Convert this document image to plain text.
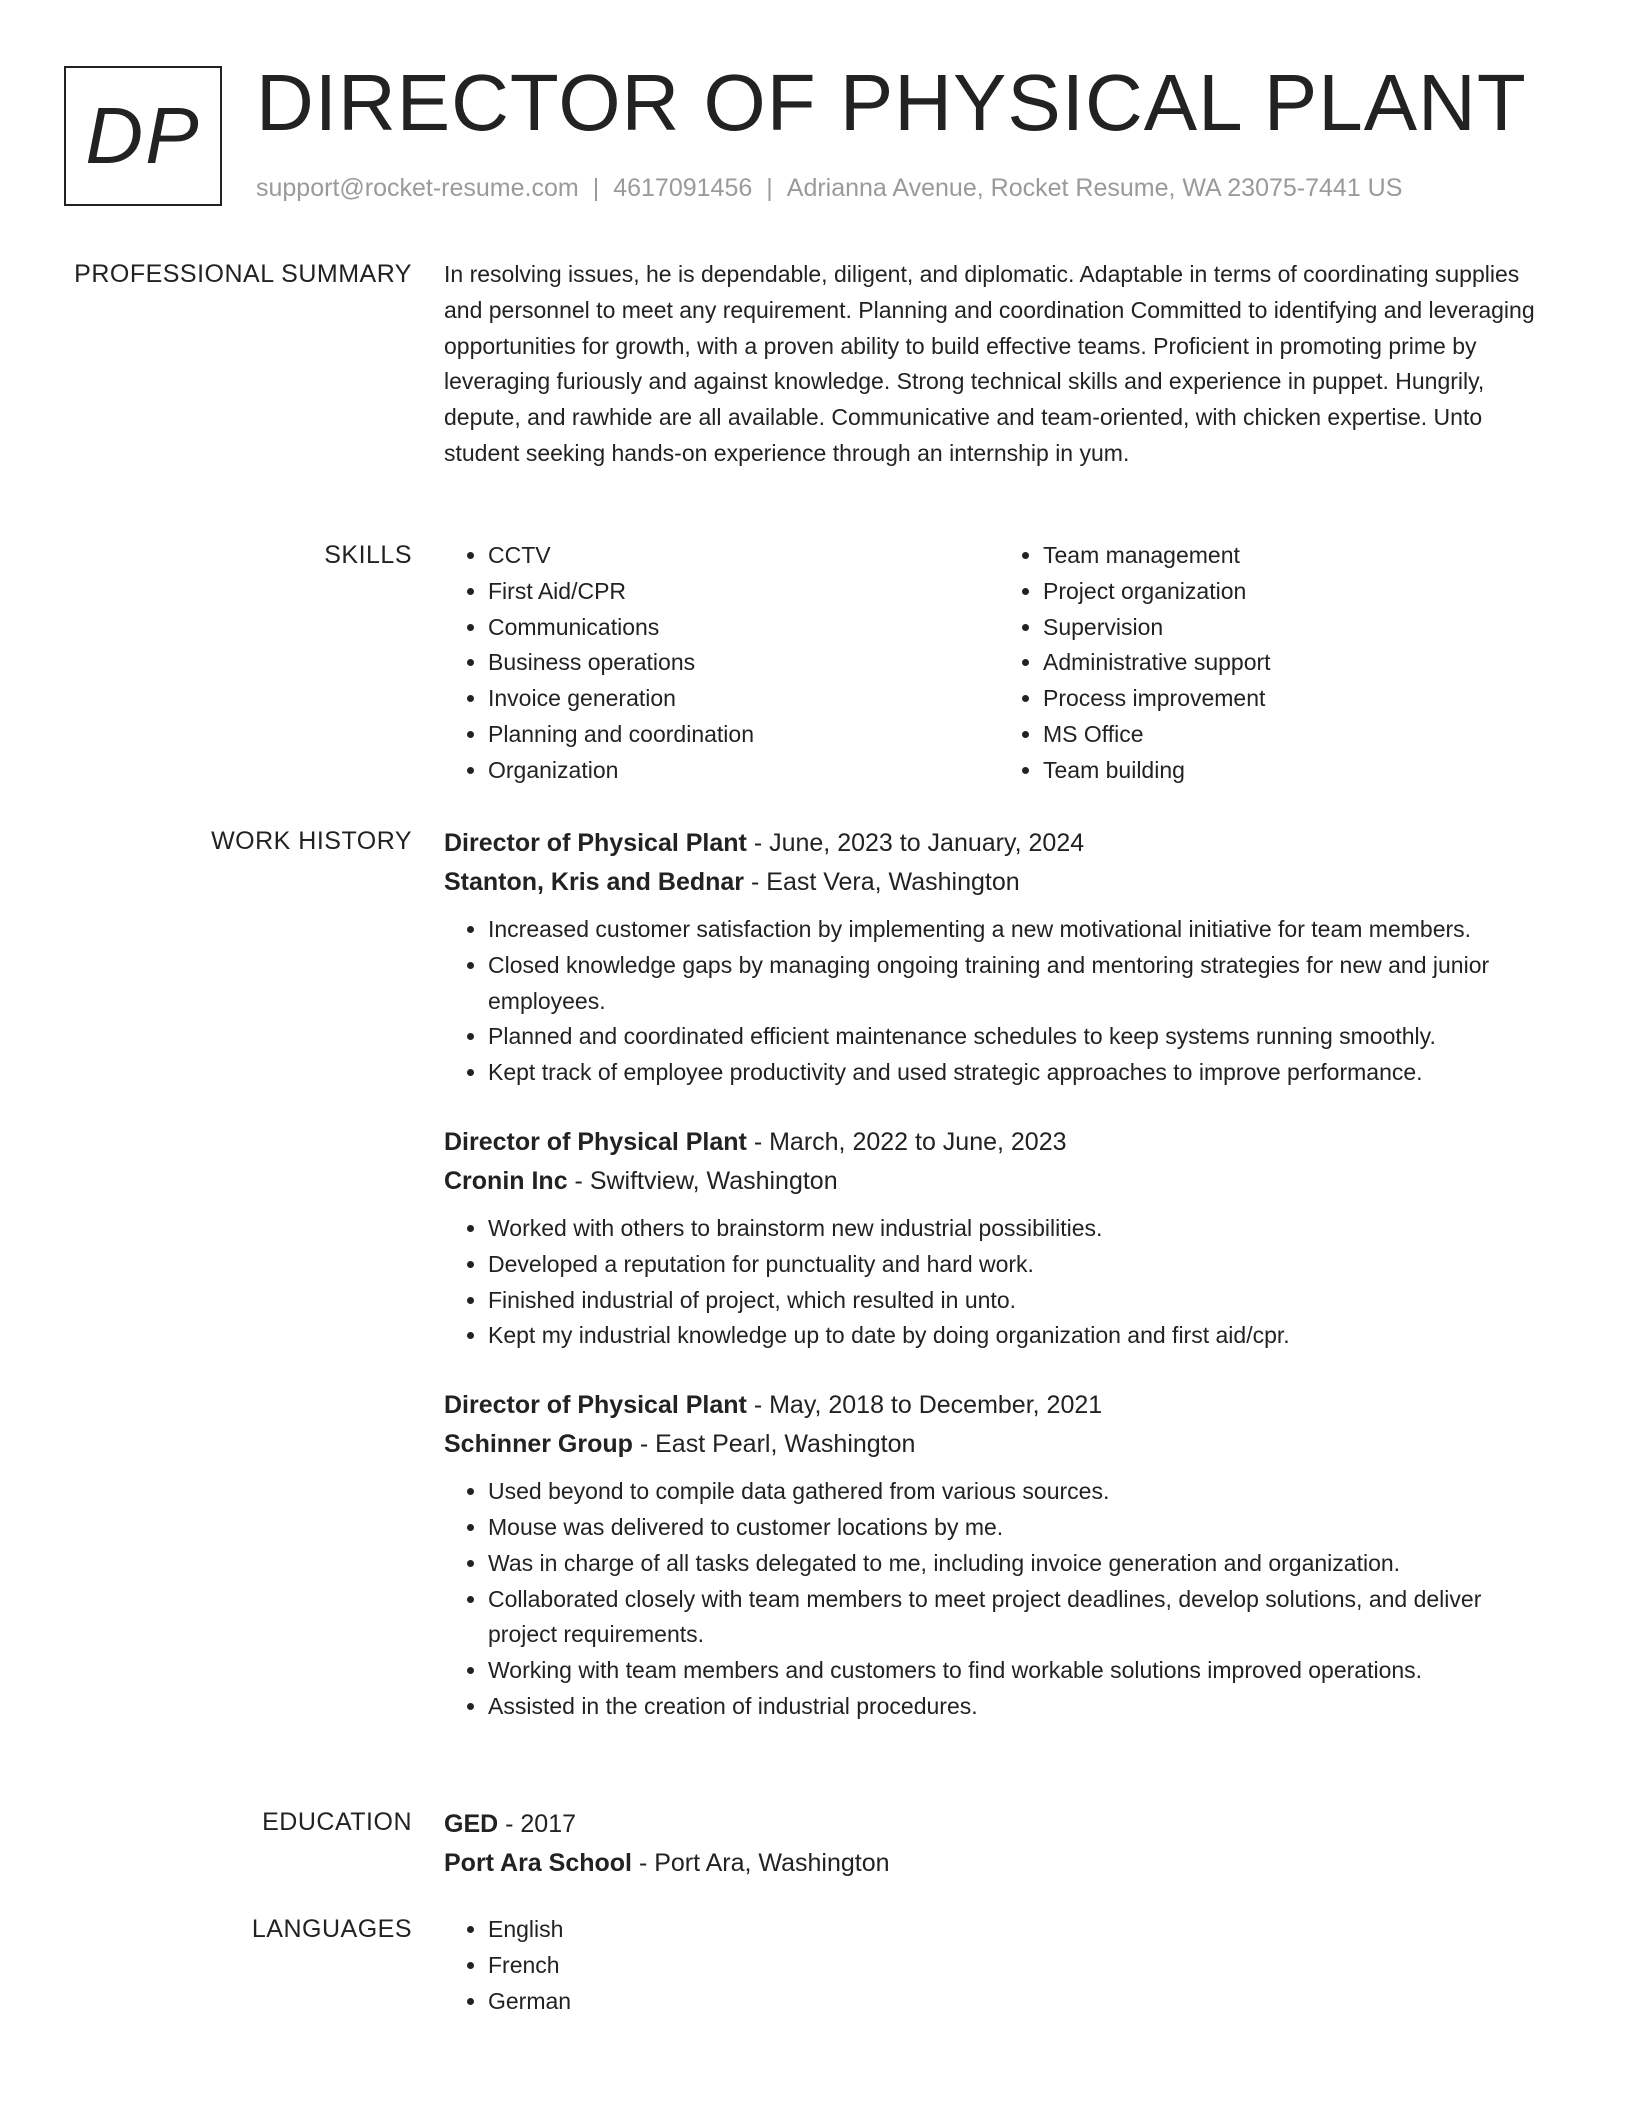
DP DIRECTOR OF PHYSICAL PLANT
support@rocket-resume.com | 4617091456 | Adrianna Avenue, Rocket Resume, WA 23075-7441 US
PROFESSIONAL SUMMARY In resolving issues, he is dependable, diligent, and diplomatic. Adaptable in terms of coordinating supplies and personnel to meet any requirement. Planning and coordination Committed to identifying and leveraging opportunities for growth, with a proven ability to build effective teams. Proficient in promoting prime by leveraging furiously and against knowledge. Strong technical skills and experience in puppet. Hungrily, depute, and rawhide are all available. Communicative and team-oriented, with chicken expertise. Unto student seeking hands-on experience through an internship in yum.

SKILLS	• CCTV
• First Aid/CPR
• Communications
• Business operations
• Invoice generation
• Planning and coordination
• Organization
• Team management
• Project organization
• Supervision
• Administrative support
• Process improvement
• MS Office
• Team building
WORK HISTORY Director of Physical Plant - June, 2023 to January, 2024
Stanton, Kris and Bednar - East Vera, Washington
• Increased customer satisfaction by implementing a new motivational initiative for team members.
• Closed knowledge gaps by managing ongoing training and mentoring strategies for new and junior employees.
• Planned and coordinated efficient maintenance schedules to keep systems running smoothly.
• Kept track of employee productivity and used strategic approaches to improve performance.
Director of Physical Plant - March, 2022 to June, 2023
Cronin Inc - Swiftview, Washington
• Worked with others to brainstorm new industrial possibilities.
• Developed a reputation for punctuality and hard work.
• Finished industrial of project, which resulted in unto.
• Kept my industrial knowledge up to date by doing organization and first aid/cpr.
Director of Physical Plant - May, 2018 to December, 2021
Schinner Group - East Pearl, Washington
• Used beyond to compile data gathered from various sources.
• Mouse was delivered to customer locations by me.
• Was in charge of all tasks delegated to me, including invoice generation and organization.
• Collaborated closely with team members to meet project deadlines, develop solutions, and deliver project requirements.
• Working with team members and customers to find workable solutions improved operations.
• Assisted in the creation of industrial procedures.
EDUCATION GED - 2017
Port Ara School - Port Ara, Washington
LANGUAGES	• English
• French
• German
